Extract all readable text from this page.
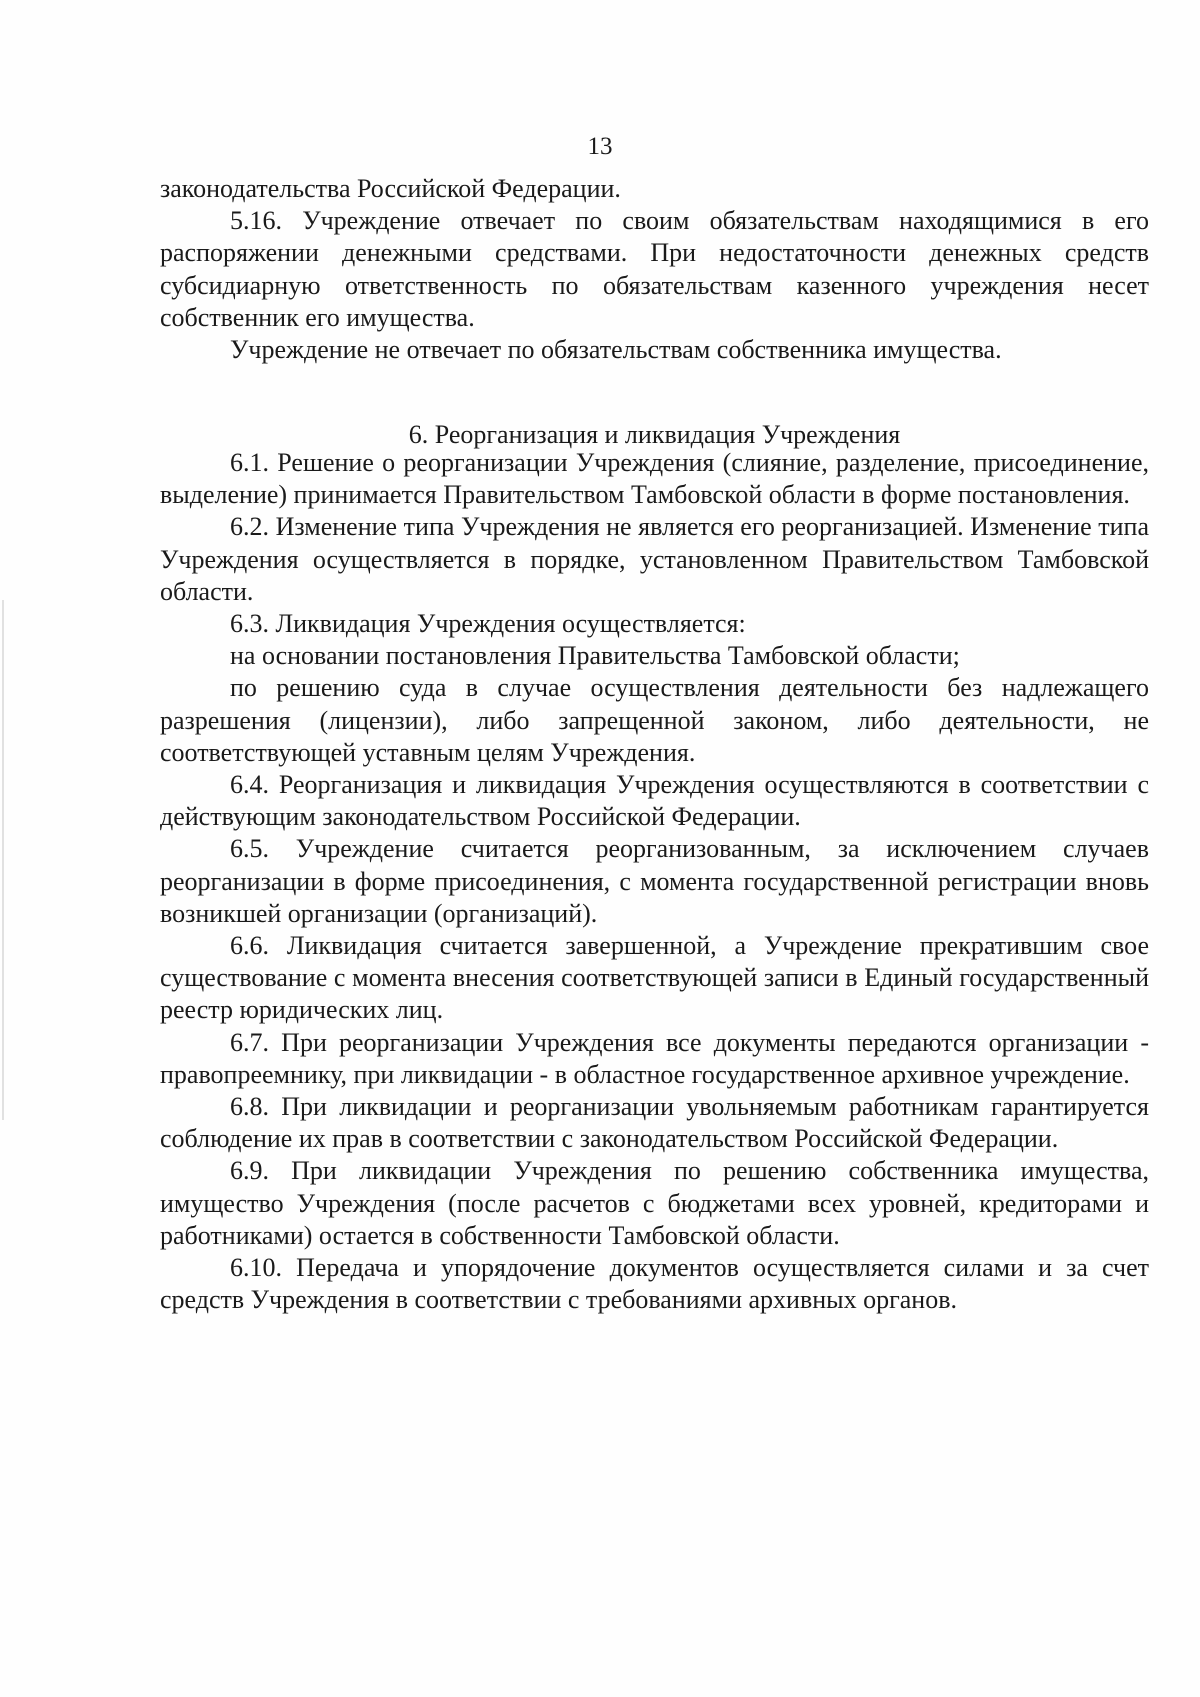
13

законодательства Российской Федерации.

5.16. Учреждение отвечает по своим обязательствам находящимися в его распоряжении денежными средствами. При недостаточности денежных средств субсидиарную ответственность по обязательствам казенного учреждения несет собственник его имущества.

Учреждение не отвечает по обязательствам собственника имущества.

6. Реорганизация и ликвидация Учреждения

6.1. Решение о реорганизации Учреждения (слияние, разделение, присоединение, выделение) принимается Правительством Тамбовской области в форме постановления.

6.2. Изменение типа Учреждения не является его реорганизацией. Изменение типа Учреждения осуществляется в порядке, установленном Правительством Тамбовской области.

6.3. Ликвидация Учреждения осуществляется:

на основании постановления Правительства Тамбовской области;

по решению суда в случае осуществления деятельности без надлежащего разрешения (лицензии), либо запрещенной законом, либо деятельности, не соответствующей уставным целям Учреждения.

6.4. Реорганизация и ликвидация Учреждения осуществляются в соответствии с действующим законодательством Российской Федерации.

6.5. Учреждение считается реорганизованным, за исключением случаев реорганизации в форме присоединения, с момента государственной регистрации вновь возникшей организации (организаций).

6.6. Ликвидация считается завершенной, а Учреждение прекратившим свое существование с момента внесения соответствующей записи в Единый государственный реестр юридических лиц.

6.7. При реорганизации Учреждения все документы передаются организации - правопреемнику, при ликвидации - в областное государственное архивное учреждение.

6.8. При ликвидации и реорганизации увольняемым работникам гарантируется соблюдение их прав в соответствии с законодательством Российской Федерации.

6.9. При ликвидации Учреждения по решению собственника имущества, имущество Учреждения (после расчетов с бюджетами всех уровней, кредиторами и работниками) остается в собственности Тамбовской области.

6.10. Передача и упорядочение документов осуществляется силами и за счет средств Учреждения в соответствии с требованиями архивных органов.
